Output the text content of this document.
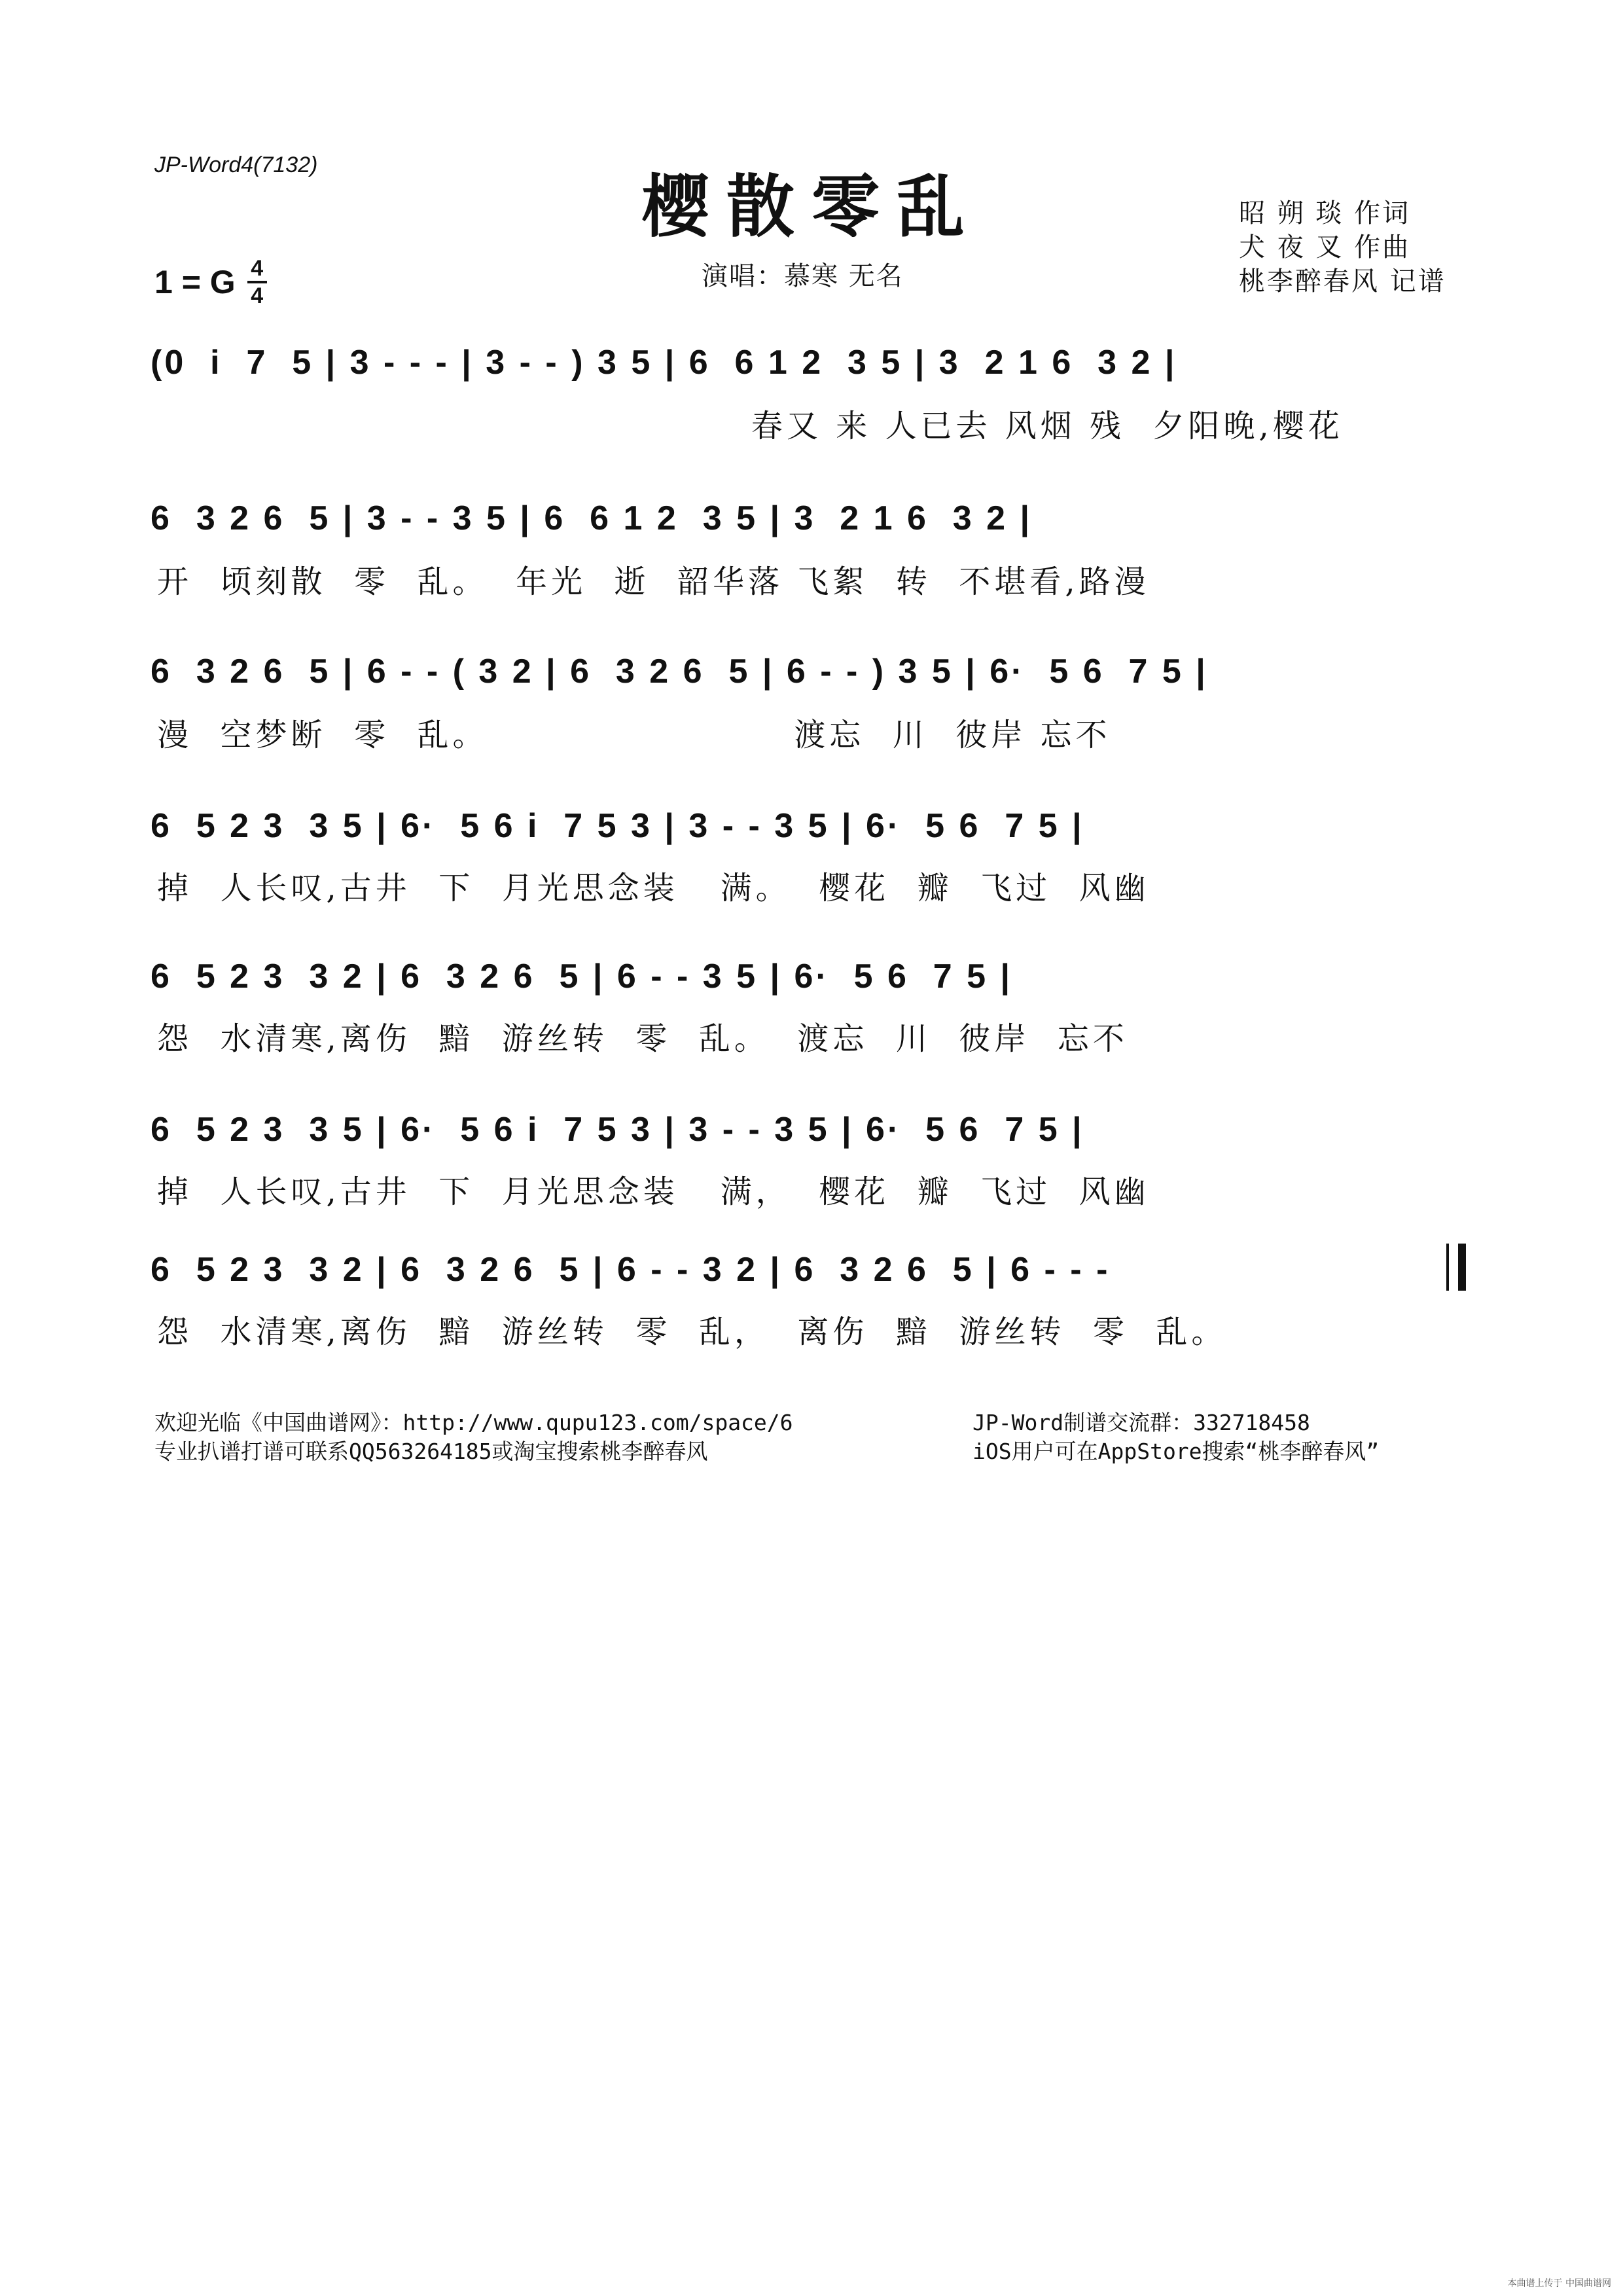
JP-Word4(7132)
樱散零乱	昭 朔 琰 作词
犬 夜 叉 作曲
桃李醉春风 记谱
1 = G 4
4
演唱：慕寒 无名
(0  i  7  5 | 3 - - - | 3 - - ) 3 5 | 6  6 1 2  3 5 | 3  2 1 6  3 2 |
春又 来 人已去 风烟 残  夕阳晚,樱花
6  3 2 6  5 | 3 - - 3 5 | 6  6 1 2  3 5 | 3  2 1 6  3 2 |
开  顷刻散  零  乱。  年光  逝  韶华落 飞絮  转  不堪看,路漫
6  3 2 6  5 | 6 - - ( 3 2 | 6  3 2 6  5 | 6 - - ) 3 5 | 6·  5 6  7 5 |
漫  空梦断  零  乱。                      渡忘  川  彼岸 忘不
6  5 2 3  3 5 | 6·  5 6 i  7 5 3 | 3 - - 3 5 | 6·  5 6  7 5 |
掉  人长叹,古井  下  月光思念装   满。  樱花  瓣  飞过  风幽
6  5 2 3  3 2 | 6  3 2 6  5 | 6 - - 3 5 | 6·  5 6  7 5 |
怨  水清寒,离伤  黯  游丝转  零  乱。  渡忘  川  彼岸  忘不
6  5 2 3  3 5 | 6·  5 6 i  7 5 3 | 3 - - 3 5 | 6·  5 6  7 5 |
掉  人长叹,古井  下  月光思念装   满，  樱花  瓣  飞过  风幽
6  5 2 3  3 2 | 6  3 2 6  5 | 6 - - 3 2 | 6  3 2 6  5 | 6 - - -
怨  水清寒,离伤  黯  游丝转  零  乱，  离伤  黯  游丝转  零  乱。
欢迎光临《中国曲谱网》：http://www.qupu123.com/space/6
专业扒谱打谱可联系QQ563264185或淘宝搜索桃李醉春风
JP-Word制谱交流群：332718458
iOS用户可在AppStore搜索“桃李醉春风”
本曲谱上传于 中国曲谱网
